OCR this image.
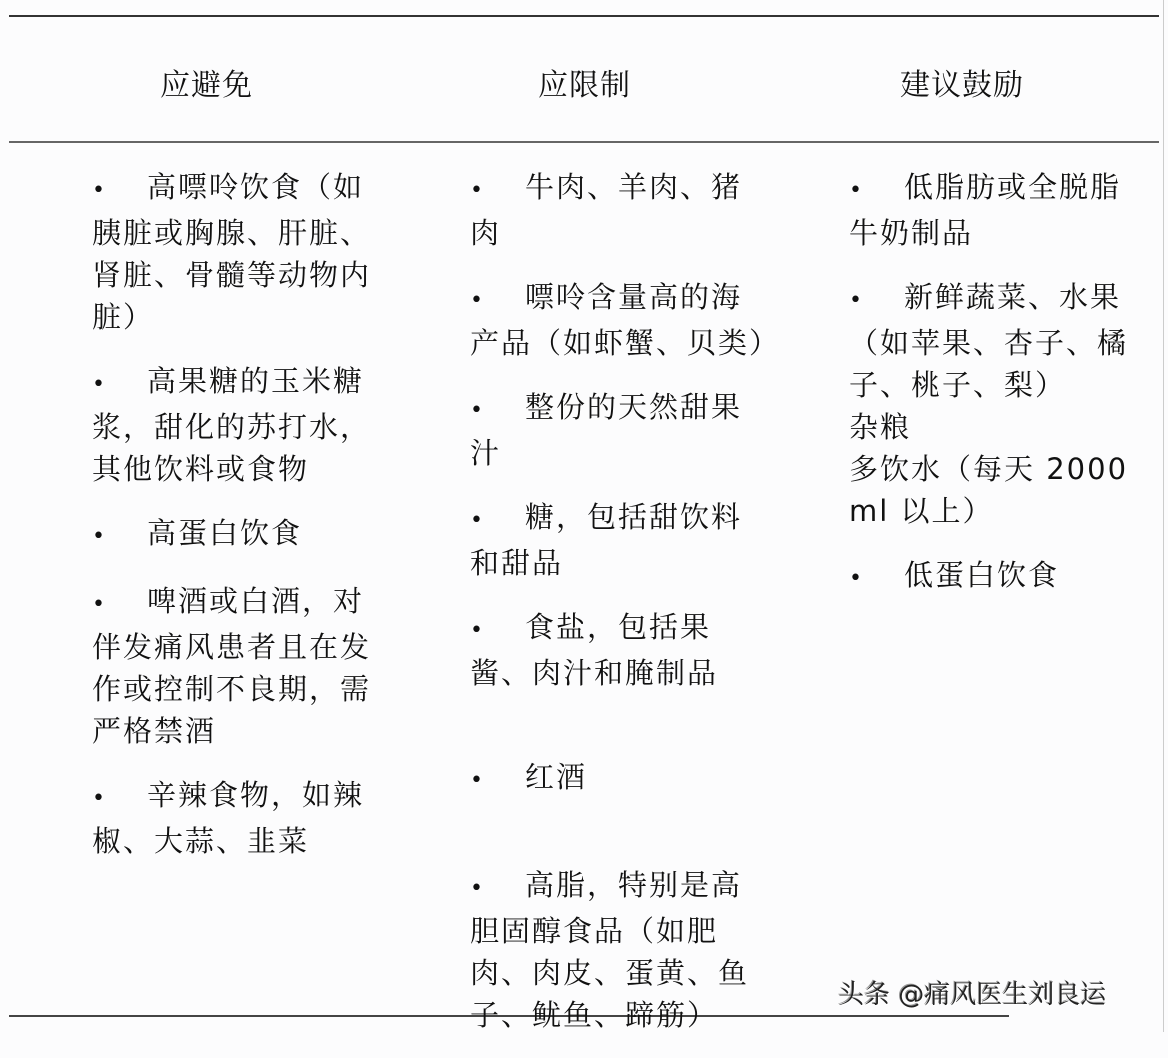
应避免	应限制	建议鼓励
• 高嘌呤饮食（如胰脏或胸腺、肝脏、肾脏、骨髓等动物内脏）
• 高果糖的玉米糖浆，甜化的苏打水，其他饮料或食物
• 高蛋白饮食
• 啤酒或白酒，对伴发痛风患者且在发作或控制不良期，需严格禁酒
• 辛辣食物，如辣椒、大蒜、韭菜
• 牛肉、羊肉、猪肉
• 嘌呤含量高的海产品（如虾蟹、贝类）
• 整份的天然甜果汁
• 糖，包括甜饮料和甜品
• 食盐，包括果酱、肉汁和腌制品
• 红酒
• 高脂，特别是高胆固醇食品（如肥肉、肉皮、蛋黄、鱼子、鱿鱼、蹄筋）
• 低脂肪或全脱脂牛奶制品
• 新鲜蔬菜、水果（如苹果、杏子、橘子、桃子、梨）
杂粮
多饮水（每天 2000 ml 以上）
• 低蛋白饮食
头条 @痛风医生刘良运
